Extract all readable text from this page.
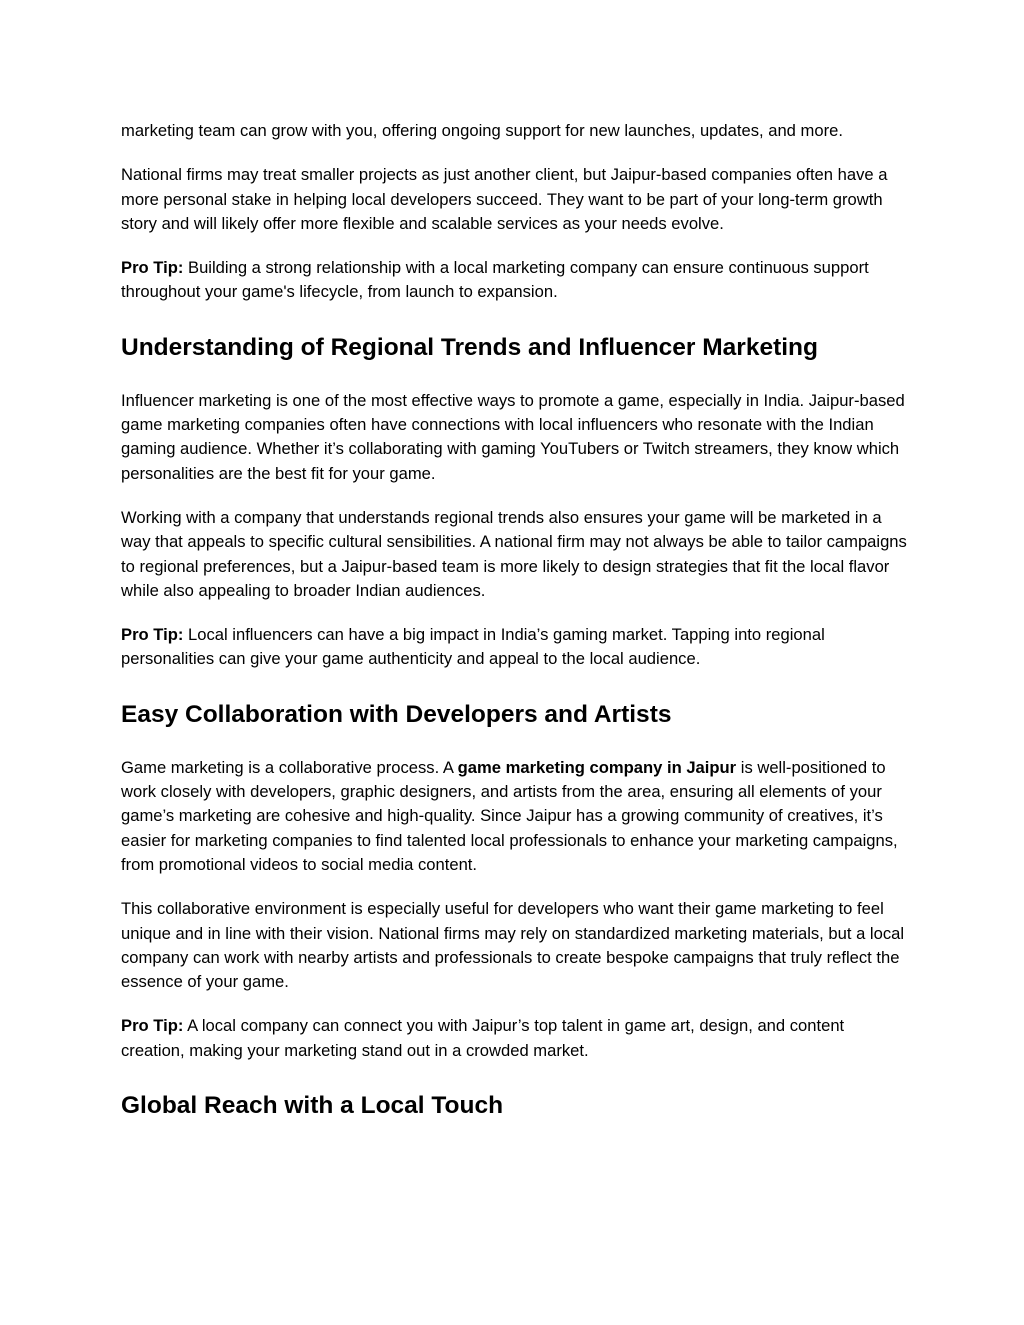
marketing team can grow with you, offering ongoing support for new launches, updates, and more.

National firms may treat smaller projects as just another client, but Jaipur-based companies often have a more personal stake in helping local developers succeed. They want to be part of your long-term growth story and will likely offer more flexible and scalable services as your needs evolve.

Pro Tip: Building a strong relationship with a local marketing company can ensure continuous support throughout your game's lifecycle, from launch to expansion.

Understanding of Regional Trends and Influencer Marketing

Influencer marketing is one of the most effective ways to promote a game, especially in India. Jaipur-based game marketing companies often have connections with local influencers who resonate with the Indian gaming audience. Whether it’s collaborating with gaming YouTubers or Twitch streamers, they know which personalities are the best fit for your game.

Working with a company that understands regional trends also ensures your game will be marketed in a way that appeals to specific cultural sensibilities. A national firm may not always be able to tailor campaigns to regional preferences, but a Jaipur-based team is more likely to design strategies that fit the local flavor while also appealing to broader Indian audiences.

Pro Tip: Local influencers can have a big impact in India’s gaming market. Tapping into regional personalities can give your game authenticity and appeal to the local audience.

Easy Collaboration with Developers and Artists

Game marketing is a collaborative process. A game marketing company in Jaipur is well-positioned to work closely with developers, graphic designers, and artists from the area, ensuring all elements of your game’s marketing are cohesive and high-quality. Since Jaipur has a growing community of creatives, it’s easier for marketing companies to find talented local professionals to enhance your marketing campaigns, from promotional videos to social media content.

This collaborative environment is especially useful for developers who want their game marketing to feel unique and in line with their vision. National firms may rely on standardized marketing materials, but a local company can work with nearby artists and professionals to create bespoke campaigns that truly reflect the essence of your game.

Pro Tip: A local company can connect you with Jaipur’s top talent in game art, design, and content creation, making your marketing stand out in a crowded market.

Global Reach with a Local Touch
